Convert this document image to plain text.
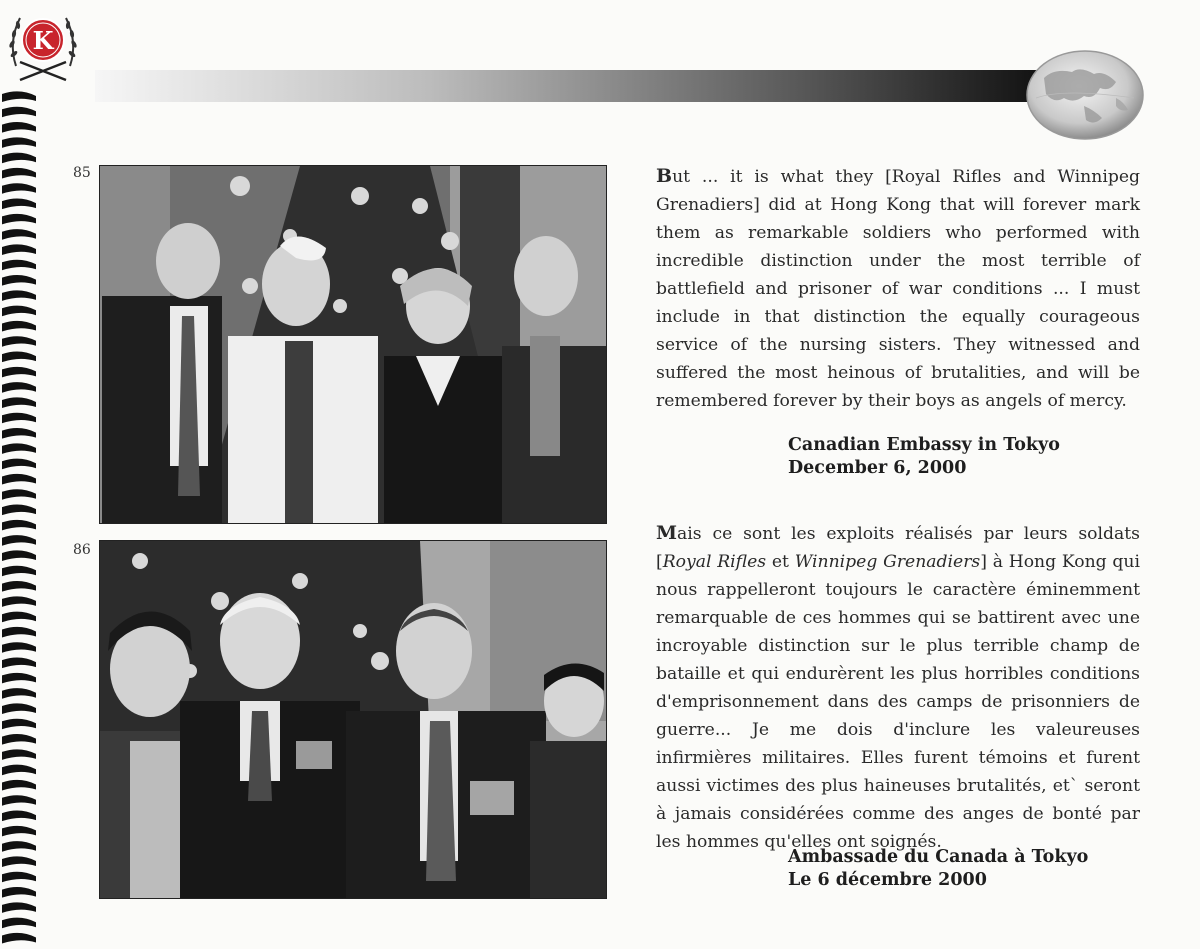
K
85
86
But ... it is what they [Royal Rifles and Winnipeg Grenadiers] did at Hong Kong that will forever mark them as remarkable soldiers who performed with incredible distinction under the most terrible of battlefield and prisoner of war conditions ... I must include in that distinction the equally courageous service of the nursing sisters. They witnessed and suffered the most heinous of brutalities, and will be remembered forever by their boys as angels of mercy.
Canadian Embassy in Tokyo
December 6, 2000
Mais ce sont les exploits réalisés par leurs soldats [Royal Rifles et Winnipeg Grenadiers] à Hong Kong qui nous rappelleront toujours le caractère éminemment remarquable de ces hommes qui se battirent avec une incroyable distinction sur le plus terrible champ de bataille et qui endurèrent les plus horribles conditions d'emprisonnement dans des camps de prisonniers de guerre... Je me dois d'inclure les valeureuses infirmières militaires. Elles furent témoins et furent aussi victimes des plus haineuses brutalités, et` seront à jamais considérées comme des anges de bonté par les hommes qu'elles ont soignés.
Ambassade du Canada à Tokyo
Le 6 décembre 2000
